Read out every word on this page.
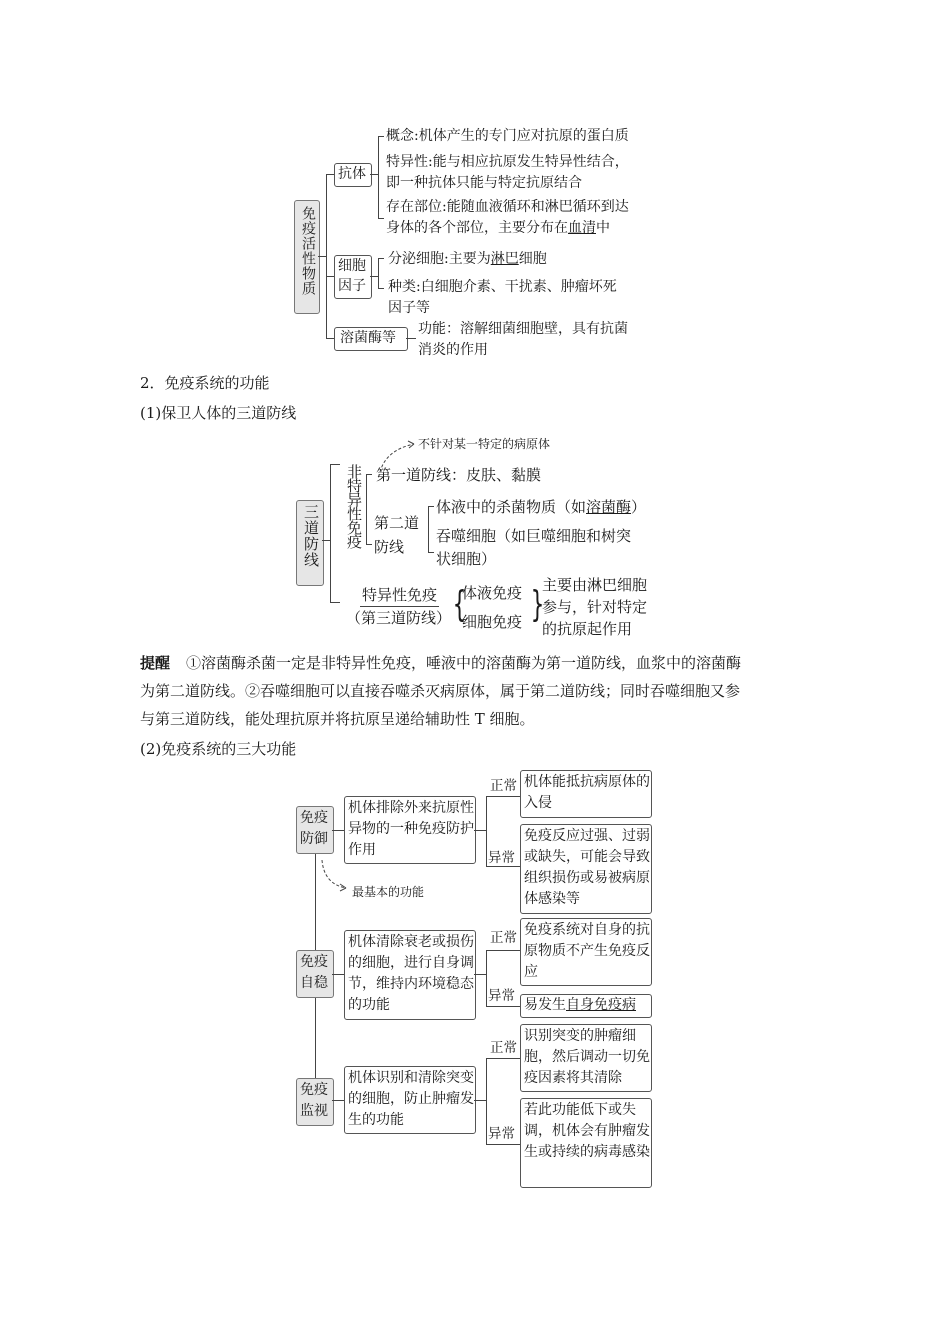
免疫活性物质
抗体
概念:机体产生的专门应对抗原的蛋白质
特异性:能与相应抗原发生特异性结合，
即一种抗体只能与特定抗原结合
存在部位:能随血液循环和淋巴循环到达
身体的各个部位，主要分布在血清中
细胞
因子
分泌细胞:主要为淋巴细胞
种类:白细胞介素、干扰素、肿瘤坏死
因子等
溶菌酶等
功能：溶解细菌细胞壁，具有抗菌
消炎的作用
2．免疫系统的功能
(1)保卫人体的三道防线
三道防线
不针对某一特定的病原体
非特异性免疫 第一道防线：皮肤、黏膜
第二道
防线
体液中的杀菌物质（如溶菌酶）
吞噬细胞（如巨噬细胞和树突
状细胞）
特异性免疫
（第三道防线） {
体液免疫
细胞免疫 }
主要由淋巴细胞
参与，针对特定
的抗原起作用
提醒 ①溶菌酶杀菌一定是非特异性免疫，唾液中的溶菌酶为第一道防线，血浆中的溶菌酶
为第二道防线。②吞噬细胞可以直接吞噬杀灭病原体，属于第二道防线；同时吞噬细胞又参
与第三道防线，能处理抗原并将抗原呈递给辅助性 T 细胞。
(2)免疫系统的三大功能
最基本的功能
免疫
防御
机体排除外来抗原性异物的一种免疫防护作用
正常
异常
机体能抵抗病原体的入侵
免疫反应过强、过弱或缺失，可能会导致组织损伤或易被病原体感染等
免疫
自稳
机体清除衰老或损伤的细胞，进行自身调节，维持内环境稳态的功能
正常
异常
免疫系统对自身的抗原物质不产生免疫反应
易发生自身免疫病
免疫
监视
机体识别和清除突变的细胞，防止肿瘤发生的功能
正常
异常
识别突变的肿瘤细胞，然后调动一切免疫因素将其清除
若此功能低下或失调，机体会有肿瘤发生或持续的病毒感染
